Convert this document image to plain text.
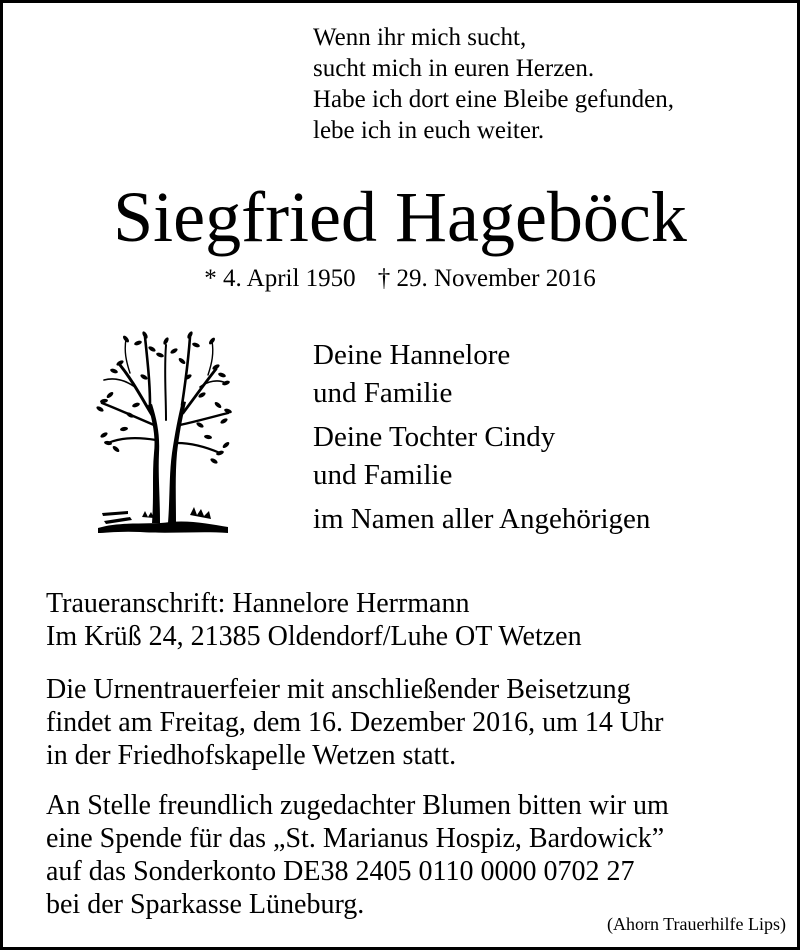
Wenn ihr mich sucht,
sucht mich in euren Herzen.
Habe ich dort eine Bleibe gefunden,
lebe ich in euch weiter.
Siegfried Hageböck
* 4. April 1950 † 29. November 2016
Deine Hannelore
und Familie
Deine Tochter Cindy
und Familie
im Namen aller Angehörigen
Traueranschrift: Hannelore Herrmann
Im Krüß 24, 21385 Oldendorf/Luhe OT Wetzen
Die Urnentrauerfeier mit anschließender Beisetzung
findet am Freitag, dem 16. Dezember 2016, um 14 Uhr
in der Friedhofskapelle Wetzen statt.
An Stelle freundlich zugedachter Blumen bitten wir um
eine Spende für das „St. Marianus Hospiz, Bardowick”
auf das Sonderkonto DE38 2405 0110 0000 0702 27
bei der Sparkasse Lüneburg.
(Ahorn Trauerhilfe Lips)
